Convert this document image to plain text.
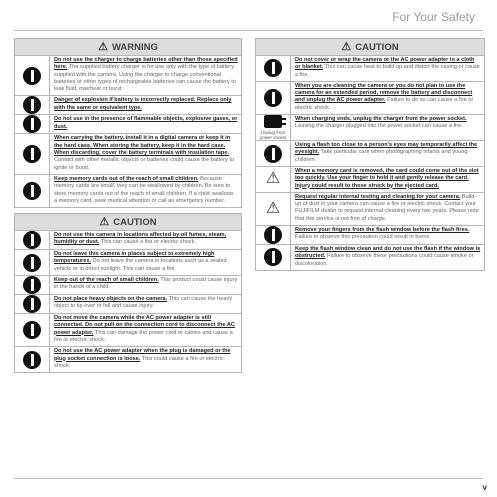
For Your Safety
⚠ WARNING
Do not use the charger to charge batteries other than those specified here. The supplied battery charger is for use only with the type of battery supplied with the camera. Using the charger to charge conventional batteries or other types of rechargeable batteries can cause the battery to leak fluid, overheat or burst.
Danger of explosion if battery is incorrectly replaced. Replace only with the same or equivalent type.
Do not use in the presence of flammable objects, explosive gases, or dust.
When carrying the battery, install it in a digital camera or keep it in the hard case. When storing the battery, keep it in the hard case. When discarding, cover the battery terminals with insulation tape. Contact with other metallic objects or batteries could cause the battery to ignite or burst.
Keep memory cards out of the reach of small children. Because memory cards are small, they can be swallowed by children. Be sure to store memory cards out of the reach of small children. If a child swallows a memory card, seek medical attention or call an emergency number.
⚠ CAUTION
Do not use this camera in locations affected by oil fumes, steam, humidity or dust. This can cause a fire or electric shock.
Do not leave this camera in places subject to extremely high temperatures. Do not leave the camera in locations such as a sealed vehicle or in direct sunlight. This can cause a fire.
Keep out of the reach of small children. This product could cause injury in the hands of a child.
Do not place heavy objects on the camera. This can cause the heavy object to tip over or fall and cause injury.
Do not move the camera while the AC power adapter is still connected. Do not pull on the connection cord to disconnect the AC power adapter. This can damage the power cord or cables and cause a fire or electric shock.
Do not use the AC power adapter when the plug is damaged or the plug socket connection is loose. This could cause a fire or electric shock.
⚠ CAUTION
Do not cover or wrap the camera or the AC power adapter in a cloth or blanket. This can cause heat to build up and distort the casing or cause a fire.
When you are cleaning the camera or you do not plan to use the camera for an extended period, remove the battery and disconnect and unplug the AC power adapter. Failure to do so can cause a fire or electric shock.
Unplug from power socket
When charging ends, unplug the charger from the power socket. Leaving the charger plugged into the power socket can cause a fire.
Using a flash too close to a person's eyes may temporarily affect the eyesight. Take particular care when photographing infants and young children.
⚠	When a memory card is removed, the card could come out of the slot too quickly. Use your finger to hold it and gently release the card. Injury could result to those struck by the ejected card.
⚠
Request regular internal testing and cleaning for your camera. Build-up of dust in your camera can cause a fire or electric shock. Contact your FUJIFILM dealer to request internal cleaning every two years. Please note that this service is not free of charge.
Remove your fingers from the flash window before the flash fires. Failure to observe this precaution could result in burns.
Keep the flash window clean and do not use the flash if the window is obstructed. Failure to observe these precautions could cause smoke or discoloration.
v
